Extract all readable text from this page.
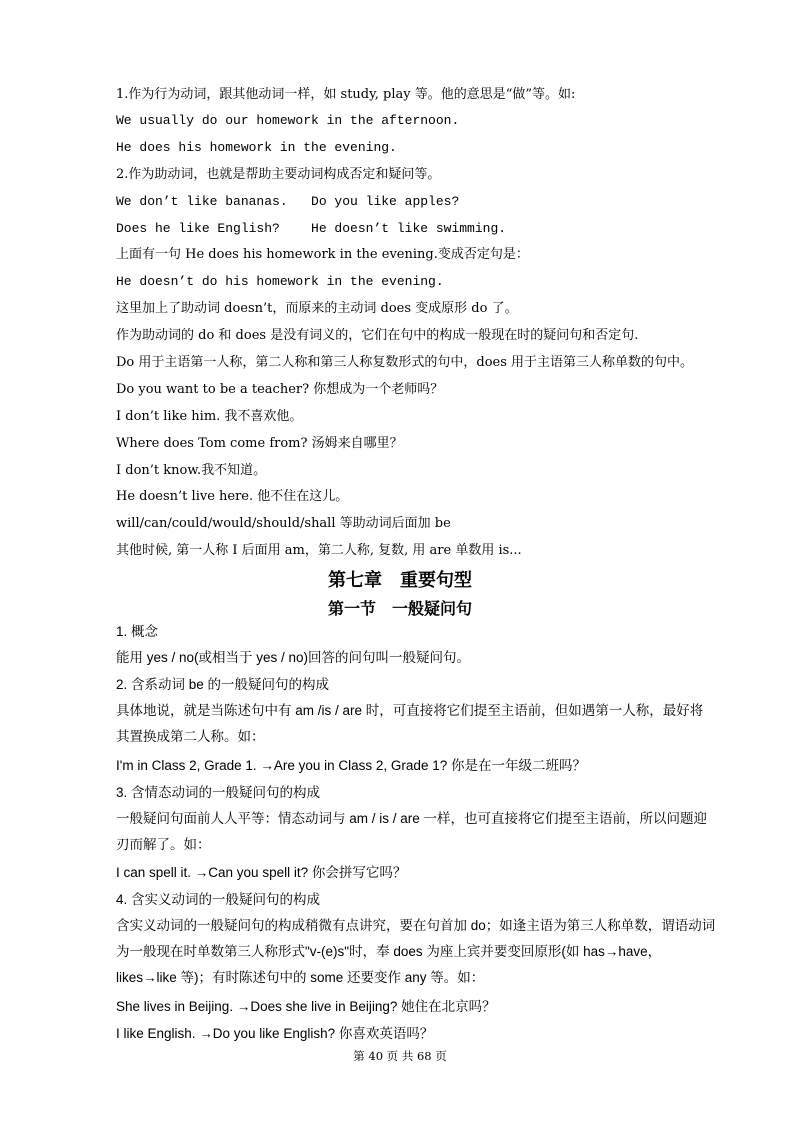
1.作为行为动词，跟其他动词一样，如 study, play 等。他的意思是“做”等。如:
We usually do our homework in the afternoon.
He does his homework in the evening.
2.作为助动词，也就是帮助主要动词构成否定和疑问等。
We don’t like bananas.   Do you like apples?
Does he like English?    He doesn’t like swimming.
上面有一句 He does his homework in the evening.变成否定句是：
He doesn’t do his homework in the evening.
这里加上了助动词 doesn’t，而原来的主动词 does 变成原形 do 了。
作为助动词的 do 和 does 是没有词义的，它们在句中的构成一般现在时的疑问句和否定句.
Do 用于主语第一人称，第二人称和第三人称复数形式的句中，does 用于主语第三人称单数的句中。
Do you want to be a teacher? 你想成为一个老师吗？
I don’t like him. 我不喜欢他。
Where does Tom come from? 汤姆来自哪里？
I don’t know.我不知道。
He doesn’t live here. 他不住在这儿。
will/can/could/would/should/shall 等助动词后面加 be
其他时候, 第一人称 I 后面用 am，第二人称, 复数, 用 are 单数用 is...
第七章　重要句型
第一节　一般疑问句
1. 概念
能用 yes / no(或相当于 yes / no)回答的问句叫一般疑问句。
2. 含系动词 be 的一般疑问句的构成
具体地说，就是当陈述句中有 am /is / are 时，可直接将它们提至主语前，但如遇第一人称，最好将其置换成第二人称。如：
I'm in Class 2, Grade 1. →Are you in Class 2, Grade 1? 你是在一年级二班吗？
3. 含情态动词的一般疑问句的构成
一般疑问句面前人人平等：情态动词与 am / is / are 一样，也可直接将它们提至主语前，所以问题迎刃而解了。如：
I can spell it. →Can you spell it? 你会拼写它吗？
4. 含实义动词的一般疑问句的构成
含实义动词的一般疑问句的构成稍微有点讲究，要在句首加 do；如逢主语为第三人称单数，谓语动词为一般现在时单数第三人称形式"v-(e)s"时，奉 does 为座上宾并要变回原形(如 has→have，likes→like 等)；有时陈述句中的 some 还要变作 any 等。如：
She lives in Beijing. →Does she live in Beijing? 她住在北京吗？
I like English. →Do you like English? 你喜欢英语吗？
第 40 页 共 68 页
